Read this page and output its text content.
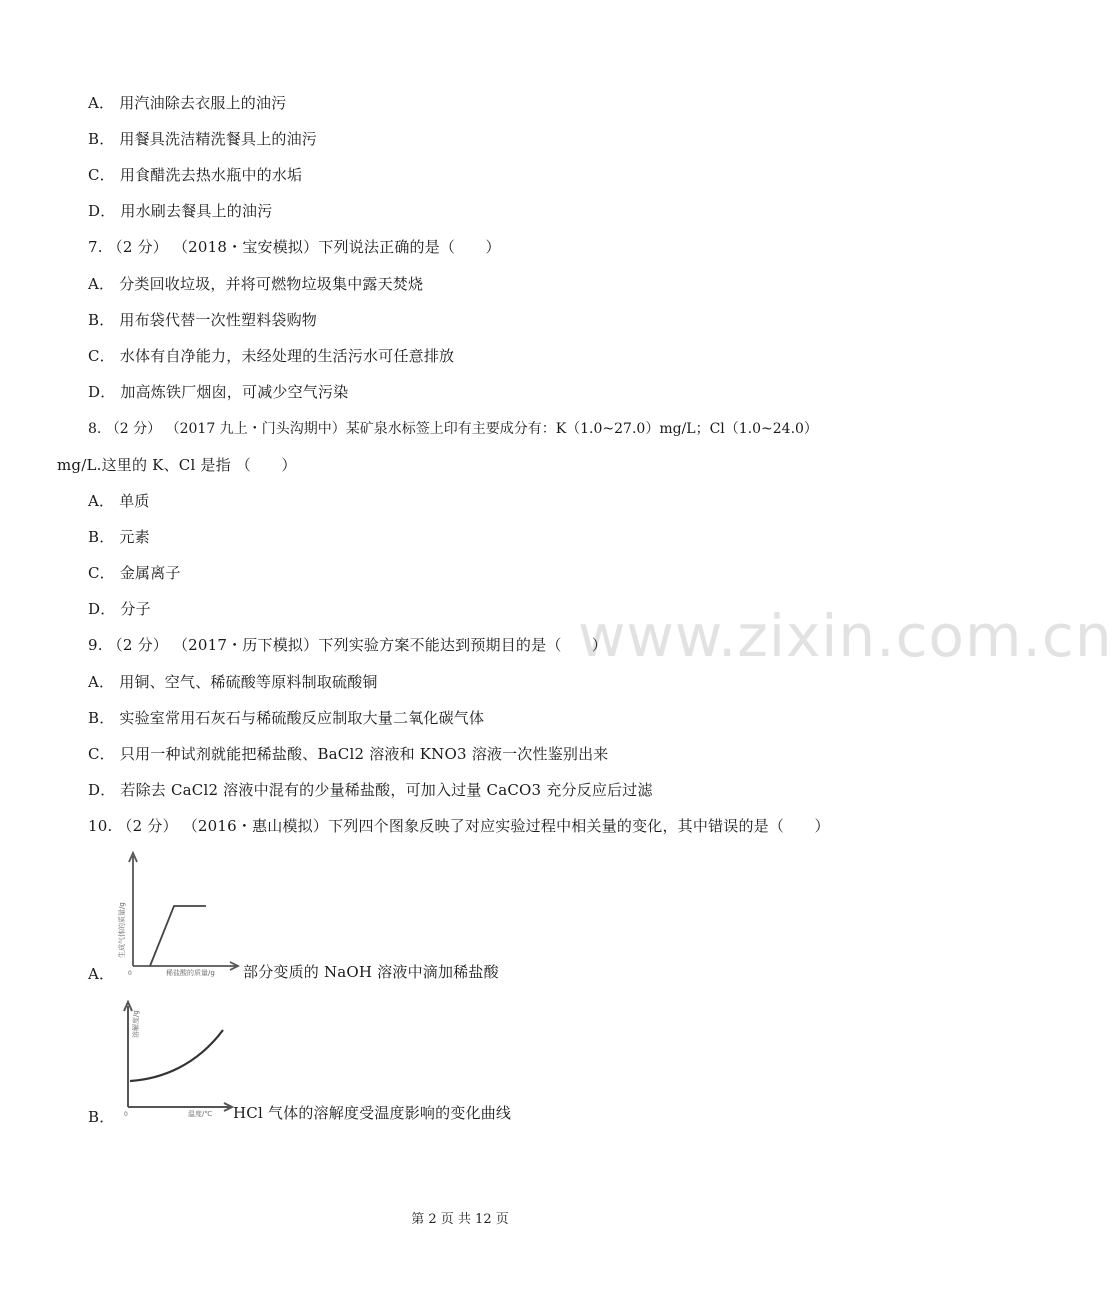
www.zixin.com.cn
A． 用汽油除去衣服上的油污
B． 用餐具洗洁精洗餐具上的油污
C． 用食醋洗去热水瓶中的水垢
D． 用水刷去餐具上的油污
7. （2 分） （2018・宝安模拟）下列说法正确的是（　　）
A． 分类回收垃圾，并将可燃物垃圾集中露天焚烧
B． 用布袋代替一次性塑料袋购物
C． 水体有自净能力，未经处理的生活污水可任意排放
D． 加高炼铁厂烟囱，可减少空气污染
8. （2 分） （2017 九上・门头沟期中）某矿泉水标签上印有主要成分有：K（1.0~27.0）mg/L；Cl（1.0~24.0）
mg/L.这里的 K、Cl 是指 （　　）
A． 单质
B． 元素
C． 金属离子
D． 分子
9. （2 分） （2017・历下模拟）下列实验方案不能达到预期目的是（　　）
A． 用铜、空气、稀硫酸等原料制取硫酸铜
B． 实验室常用石灰石与稀硫酸反应制取大量二氧化碳气体
C． 只用一种试剂就能把稀盐酸、BaCl2 溶液和 KNO3 溶液一次性鉴别出来
D． 若除去 CaCl2 溶液中混有的少量稀盐酸，可加入过量 CaCO3 充分反应后过滤
10. （2 分） （2016・惠山模拟）下列四个图象反映了对应实验过程中相关量的变化，其中错误的是（　　）
生成气体的质量/g
稀盐酸的质量/g
0
A．	部分变质的 NaOH 溶液中滴加稀盐酸
溶解度/g
温度/℃
0
B．	HCl 气体的溶解度受温度影响的变化曲线
第 2 页 共 12 页
